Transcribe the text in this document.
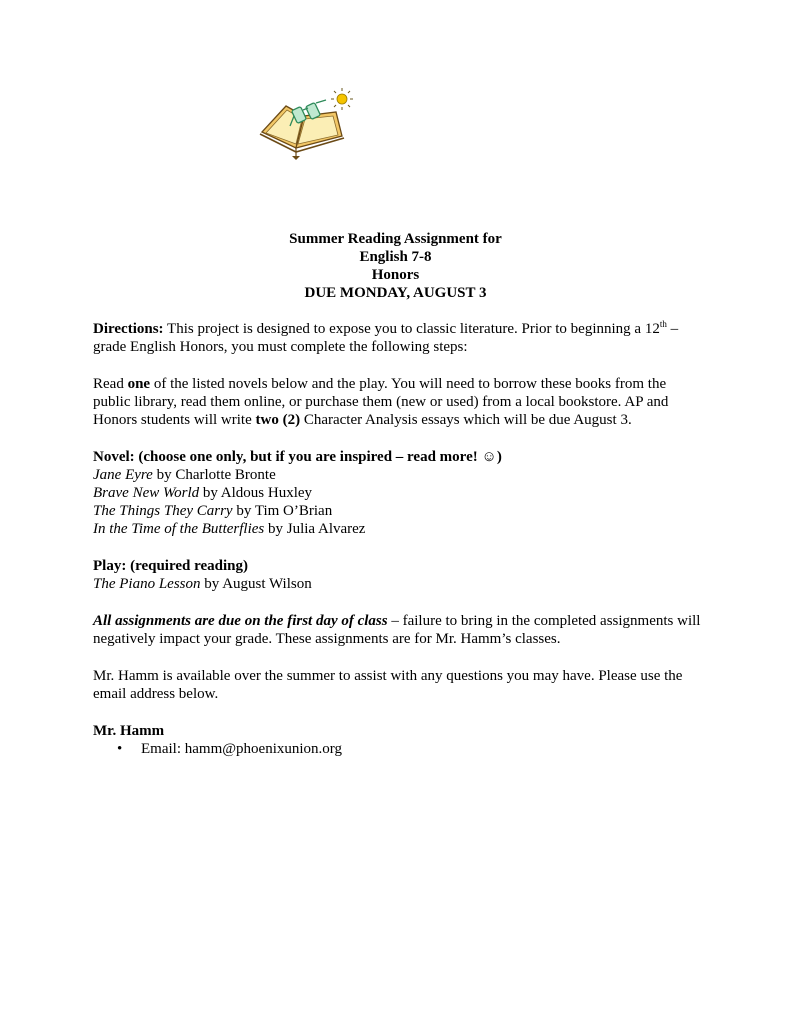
Summer Reading Assignment for
English 7-8
Honors
DUE MONDAY, AUGUST 3

Directions: This project is designed to expose you to classic literature. Prior to beginning a 12th –grade English Honors, you must complete the following steps:

Read one of the listed novels below and the play. You will need to borrow these books from the public library, read them online, or purchase them (new or used) from a local bookstore. AP and Honors students will write two (2) Character Analysis essays which will be due August 3.

Novel: (choose one only, but if you are inspired – read more! ☺)

Jane Eyre by Charlotte Bronte

Brave New World by Aldous Huxley

The Things They Carry by Tim O’Brian

In the Time of the Butterflies by Julia Alvarez

Play: (required reading)

The Piano Lesson by August Wilson

All assignments are due on the first day of class – failure to bring in the completed assignments will negatively impact your grade. These assignments are for Mr. Hamm’s classes.

Mr. Hamm is available over the summer to assist with any questions you may have. Please use the email address below.

Mr. Hamm

• Email: hamm@phoenixunion.org
